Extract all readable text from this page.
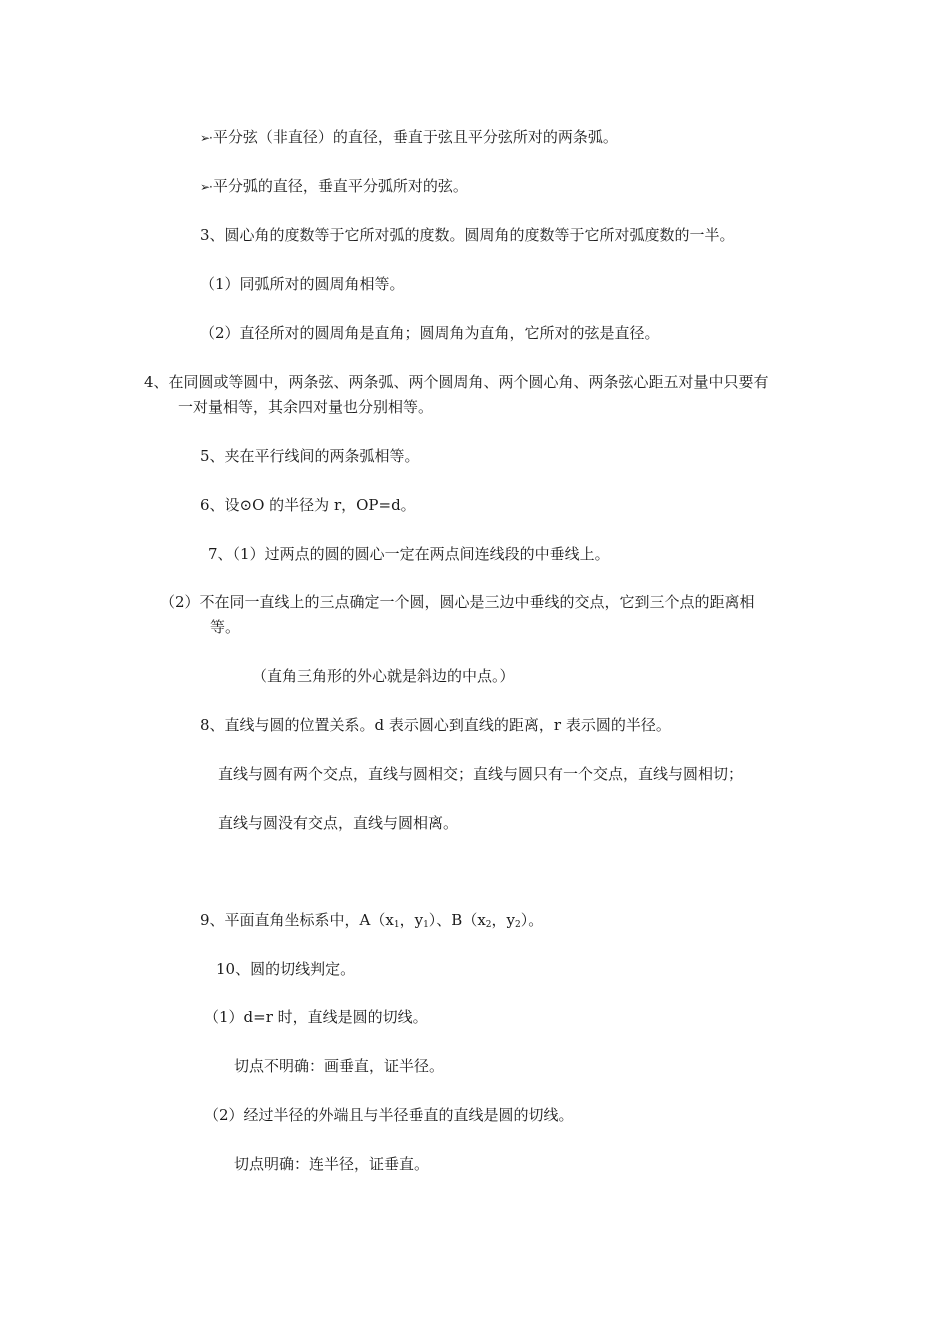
➢·平分弦（非直径）的直径，垂直于弦且平分弦所对的两条弧。
➢·平分弧的直径，垂直平分弧所对的弦。
3、圆心角的度数等于它所对弧的度数。圆周角的度数等于它所对弧度数的一半。
（1）同弧所对的圆周角相等。
（2）直径所对的圆周角是直角；圆周角为直角，它所对的弦是直径。
4、在同圆或等圆中，两条弦、两条弧、两个圆周角、两个圆心角、两条弦心距五对量中只要有
一对量相等，其余四对量也分别相等。
5、夹在平行线间的两条弧相等。
6、设⊙O 的半径为 r，OP=d。
7、（1）过两点的圆的圆心一定在两点间连线段的中垂线上。
（2）不在同一直线上的三点确定一个圆，圆心是三边中垂线的交点，它到三个点的距离相
等。
（直角三角形的外心就是斜边的中点。）
8、直线与圆的位置关系。d 表示圆心到直线的距离，r 表示圆的半径。
直线与圆有两个交点，直线与圆相交；直线与圆只有一个交点，直线与圆相切；
直线与圆没有交点，直线与圆相离。
9、平面直角坐标系中，$A(x_1$，$y_1$）、$B(x_2$，$y_2$）。
10、圆的切线判定。
（1）d=r 时，直线是圆的切线。
切点不明确：画垂直，证半径。
（2）经过半径的外端且与半径垂直的直线是圆的切线。
切点明确：连半径，证垂直。
